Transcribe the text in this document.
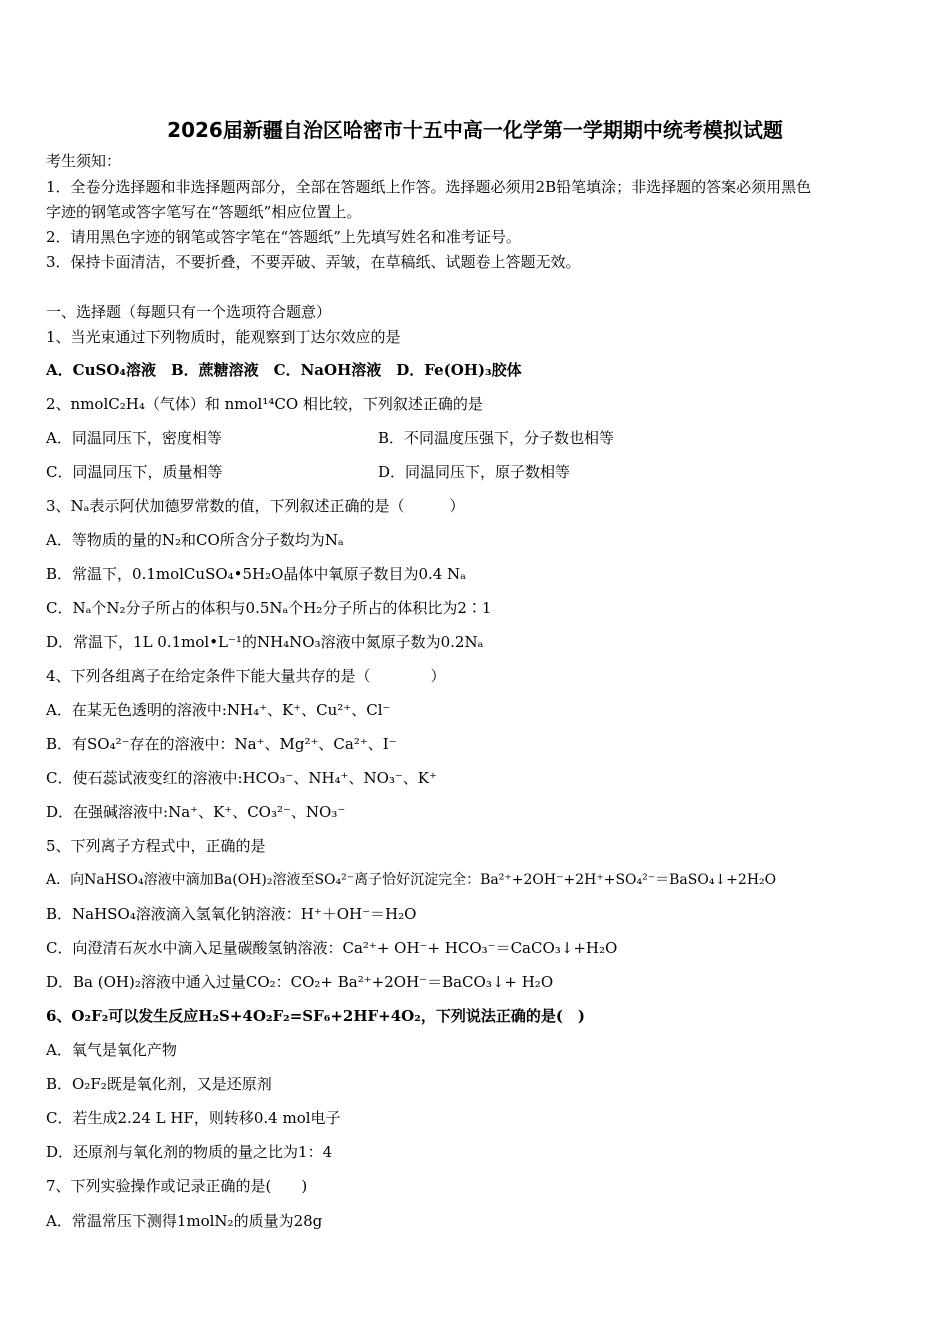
2026届新疆自治区哈密市十五中高一化学第一学期期中统考模拟试题
考生须知：
1．全卷分选择题和非选择题两部分，全部在答题纸上作答。选择题必须用2B铅笔填涂；非选择题的答案必须用黑色
字迹的钢笔或答字笔写在“答题纸”相应位置上。
2．请用黑色字迹的钢笔或答字笔在“答题纸”上先填写姓名和准考证号。
3．保持卡面清洁，不要折叠，不要弄破、弄皱，在草稿纸、试题卷上答题无效。
一、选择题（每题只有一个选项符合题意）
1、当光束通过下列物质时，能观察到丁达尔效应的是
A．CuSO₄溶液　B．蔗糖溶液　C．NaOH溶液　D．Fe(OH)₃胶体
2、nmolC₂H₄（气体）和 nmol¹⁴CO 相比较，下列叙述正确的是
A．同温同压下，密度相等	B．不同温度压强下，分子数也相等
C．同温同压下，质量相等	D．同温同压下，原子数相等
3、Nₐ表示阿伏加德罗常数的值，下列叙述正确的是（　　　）
A．等物质的量的N₂和CO所含分子数均为Nₐ
B．常温下，0.1molCuSO₄•5H₂O晶体中氧原子数目为0.4 Nₐ
C．Nₐ个N₂分子所占的体积与0.5Nₐ个H₂分子所占的体积比为2∶1
D．常温下，1L 0.1mol•L⁻¹的NH₄NO₃溶液中氮原子数为0.2Nₐ
4、下列各组离子在给定条件下能大量共存的是（　　　　）
A．在某无色透明的溶液中:NH₄⁺、K⁺、Cu²⁺、Cl⁻
B．有SO₄²⁻存在的溶液中：Na⁺、Mg²⁺、Ca²⁺、I⁻
C．使石蕊试液变红的溶液中:HCO₃⁻、NH₄⁺、NO₃⁻、K⁺
D．在强碱溶液中:Na⁺、K⁺、CO₃²⁻、NO₃⁻
5、下列离子方程式中，正确的是
A．向NaHSO₄溶液中滴加Ba(OH)₂溶液至SO₄²⁻离子恰好沉淀完全：Ba²⁺+2OH⁻+2H⁺+SO₄²⁻＝BaSO₄↓+2H₂O
B．NaHSO₄溶液滴入氢氧化钠溶液：H⁺＋OH⁻＝H₂O
C．向澄清石灰水中滴入足量碳酸氢钠溶液：Ca²⁺+ OH⁻+ HCO₃⁻＝CaCO₃↓+H₂O
D．Ba (OH)₂溶液中通入过量CO₂：CO₂+ Ba²⁺+2OH⁻＝BaCO₃↓+ H₂O
6、O₂F₂可以发生反应H₂S+4O₂F₂=SF₆+2HF+4O₂，下列说法正确的是(　)
A．氧气是氧化产物
B．O₂F₂既是氧化剂，又是还原剂
C．若生成2.24 L HF，则转移0.4 mol电子
D．还原剂与氧化剂的物质的量之比为1：4
7、下列实验操作或记录正确的是(　　)
A．常温常压下测得1molN₂的质量为28g
